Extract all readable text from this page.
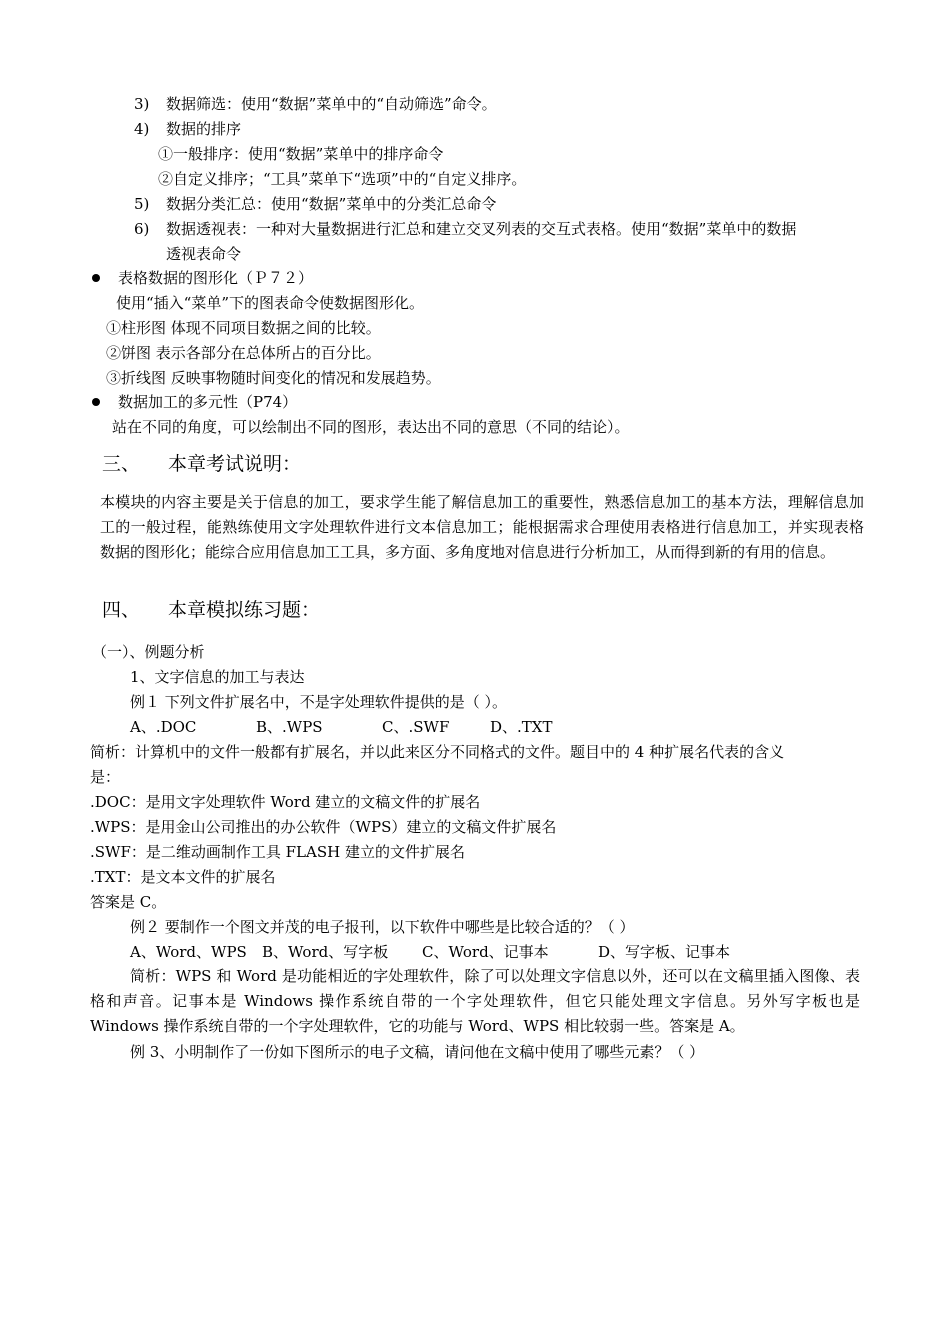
3) 数据筛选：使用“数据”菜单中的“自动筛选”命令。
4) 数据的排序
①一般排序：使用“数据”菜单中的排序命令
②自定义排序；“工具”菜单下“选项”中的“自定义排序。
5) 数据分类汇总：使用“数据”菜单中的分类汇总命令
6) 数据透视表：一种对大量数据进行汇总和建立交叉列表的交互式表格。使用“数据”菜单中的数据
透视表命令
表格数据的图形化（Ｐ７２）
使用“插入“菜单”下的图表命令使数据图形化。
①柱形图 体现不同项目数据之间的比较。
②饼图 表示各部分在总体所占的百分比。
③折线图 反映事物随时间变化的情况和发展趋势。
数据加工的多元性（P74）
站在不同的角度，可以绘制出不同的图形，表达出不同的意思（不同的结论）。
三、 本章考试说明：
本模块的内容主要是关于信息的加工，要求学生能了解信息加工的重要性，熟悉信息加工的基本方法，理解信息加工的一般过程，能熟练使用文字处理软件进行文本信息加工；能根据需求合理使用表格进行信息加工，并实现表格数据的图形化；能综合应用信息加工工具，多方面、多角度地对信息进行分析加工，从而得到新的有用的信息。
四、 本章模拟练习题：
（一）、例题分析
1、文字信息的加工与表达
例１ 下列文件扩展名中，不是字处理软件提供的是（ ）。
A、.DOC	B、.WPS	C、.SWF	D、.TXT
简析：计算机中的文件一般都有扩展名，并以此来区分不同格式的文件。题目中的 4 种扩展名代表的含义
是：
.DOC：是用文字处理软件 Word 建立的文稿文件的扩展名
.WPS：是用金山公司推出的办公软件（WPS）建立的文稿文件扩展名
.SWF：是二维动画制作工具 FLASH 建立的文件扩展名
.TXT：是文本文件的扩展名
答案是 C。
例２ 要制作一个图文并茂的电子报刊，以下软件中哪些是比较合适的？（ ）
A、Word、WPS B、Word、写字板 C、Word、记事本	D、写字板、记事本
简析：WPS 和 Word 是功能相近的字处理软件，除了可以处理文字信息以外，还可以在文稿里插入图像、表格和声音。记事本是 Windows 操作系统自带的一个字处理软件，但它只能处理文字信息。另外写字板也是 Windows 操作系统自带的一个字处理软件，它的功能与 Word、WPS 相比较弱一些。答案是 A。
例 3、小明制作了一份如下图所示的电子文稿，请问他在文稿中使用了哪些元素？（ ）
